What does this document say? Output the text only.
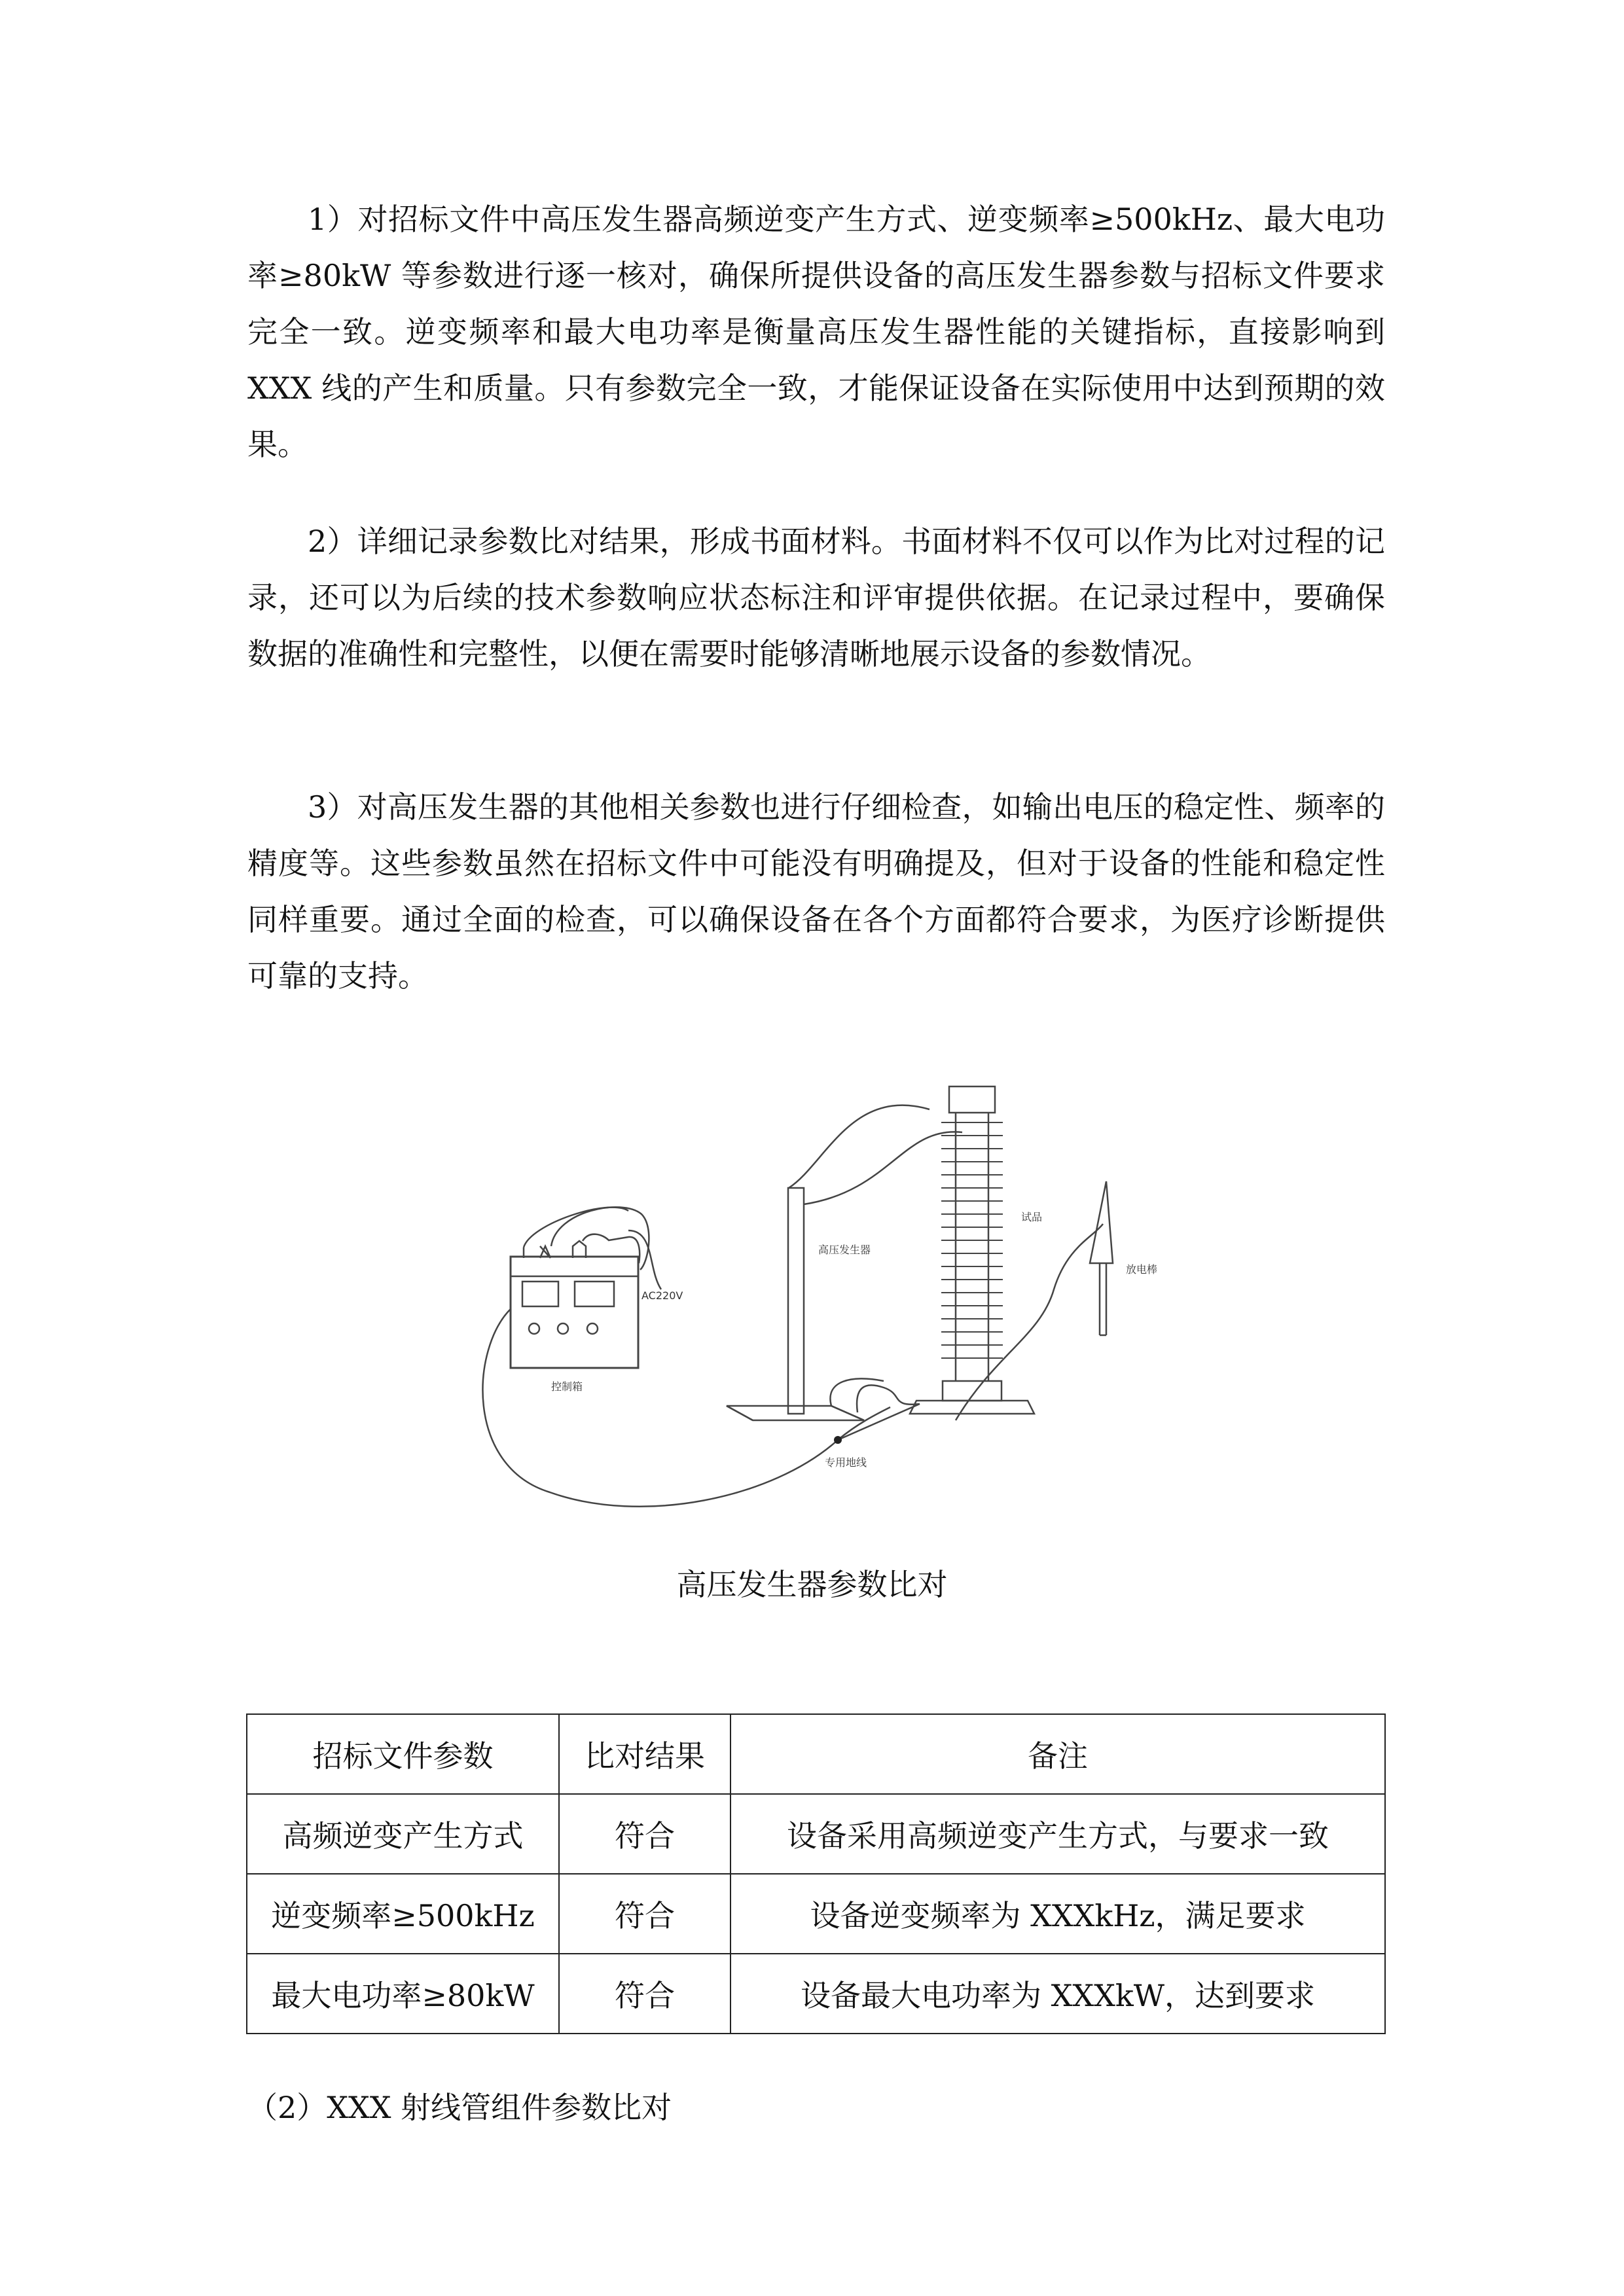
1）对招标文件中高压发生器高频逆变产生方式、逆变频率≥500kHz、最大电功率≥80kW 等参数进行逐一核对，确保所提供设备的高压发生器参数与招标文件要求完全一致。逆变频率和最大电功率是衡量高压发生器性能的关键指标，直接影响到 XXX 线的产生和质量。只有参数完全一致，才能保证设备在实际使用中达到预期的效果。

2）详细记录参数比对结果，形成书面材料。书面材料不仅可以作为比对过程的记录，还可以为后续的技术参数响应状态标注和评审提供依据。在记录过程中，要确保数据的准确性和完整性，以便在需要时能够清晰地展示设备的参数情况。

3）对高压发生器的其他相关参数也进行仔细检查，如输出电压的稳定性、频率的精度等。这些参数虽然在招标文件中可能没有明确提及，但对于设备的性能和稳定性同样重要。通过全面的检查，可以确保设备在各个方面都符合要求，为医疗诊断提供可靠的支持。

控制箱
AC220V
高压发生器
试品
放电棒
专用地线
高压发生器参数比对
招标文件参数	比对结果	备注
高频逆变产生方式	符合	设备采用高频逆变产生方式，与要求一致
逆变频率≥500kHz	符合	设备逆变频率为 XXXkHz，满足要求
最大电功率≥80kW	符合	设备最大电功率为 XXXkW，达到要求

（2）XXX 射线管组件参数比对
